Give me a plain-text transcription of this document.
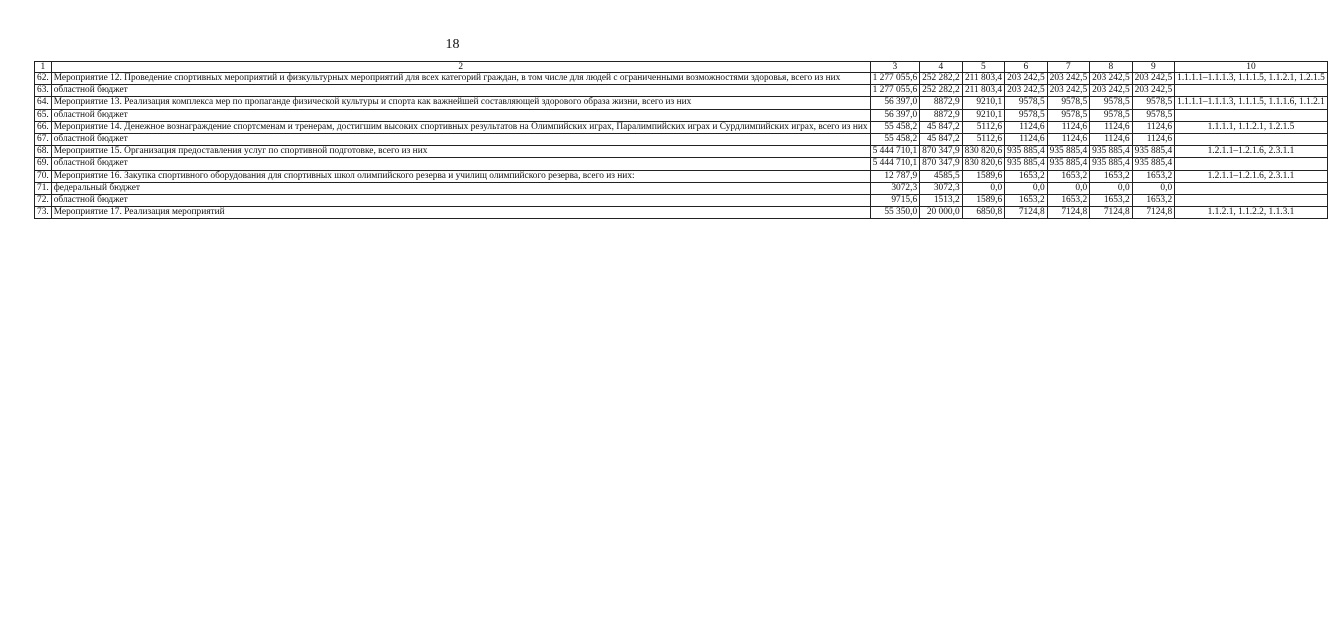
18
1	2	3	4	5	6	7	8	9	10
62.	Мероприятие 12. Проведение спортивных мероприятий и физкультурных мероприятий для всех категорий граждан, в том числе для людей с ограниченными возможностями здоровья, всего из них	1 277 055,6	252 282,2	211 803,4	203 242,5	203 242,5	203 242,5	203 242,5	1.1.1.1–1.1.1.3, 1.1.1.5, 1.1.2.1, 1.2.1.5
63.	областной бюджет	1 277 055,6	252 282,2	211 803,4	203 242,5	203 242,5	203 242,5	203 242,5	
64.	Мероприятие 13. Реализация комплекса мер по пропаганде физической культуры и спорта как важнейшей составляющей здорового образа жизни, всего из них	56 397,0	8872,9	9210,1	9578,5	9578,5	9578,5	9578,5	1.1.1.1–1.1.1.3, 1.1.1.5, 1.1.1.6, 1.1.2.1
65.	областной бюджет	56 397,0	8872,9	9210,1	9578,5	9578,5	9578,5	9578,5	
66.	Мероприятие 14. Денежное вознаграждение спортсменам и тренерам, достигшим высоких спортивных результатов на Олимпийских играх, Паралимпийских играх и Сурдлимпийских играх, всего из них	55 458,2	45 847,2	5112,6	1124,6	1124,6	1124,6	1124,6	1.1.1.1, 1.1.2.1, 1.2.1.5
67.	областной бюджет	55 458,2	45 847,2	5112,6	1124,6	1124,6	1124,6	1124,6	
68.	Мероприятие 15. Организация предоставления услуг по спортивной подготовке, всего из них	5 444 710,1	870 347,9	830 820,6	935 885,4	935 885,4	935 885,4	935 885,4	1.2.1.1–1.2.1.6, 2.3.1.1
69.	областной бюджет	5 444 710,1	870 347,9	830 820,6	935 885,4	935 885,4	935 885,4	935 885,4	
70.	Мероприятие 16. Закупка спортивного оборудования для спортивных школ олимпийского резерва и училищ олимпийского резерва, всего из них:	12 787,9	4585,5	1589,6	1653,2	1653,2	1653,2	1653,2	1.2.1.1–1.2.1.6, 2.3.1.1
71.	федеральный бюджет	3072,3	3072,3	0,0	0,0	0,0	0,0	0,0	
72.	областной бюджет	9715,6	1513,2	1589,6	1653,2	1653,2	1653,2	1653,2	
73.	Мероприятие 17. Реализация мероприятий	55 350,0	20 000,0	6850,8	7124,8	7124,8	7124,8	7124,8	1.1.2.1, 1.1.2.2, 1.1.3.1
